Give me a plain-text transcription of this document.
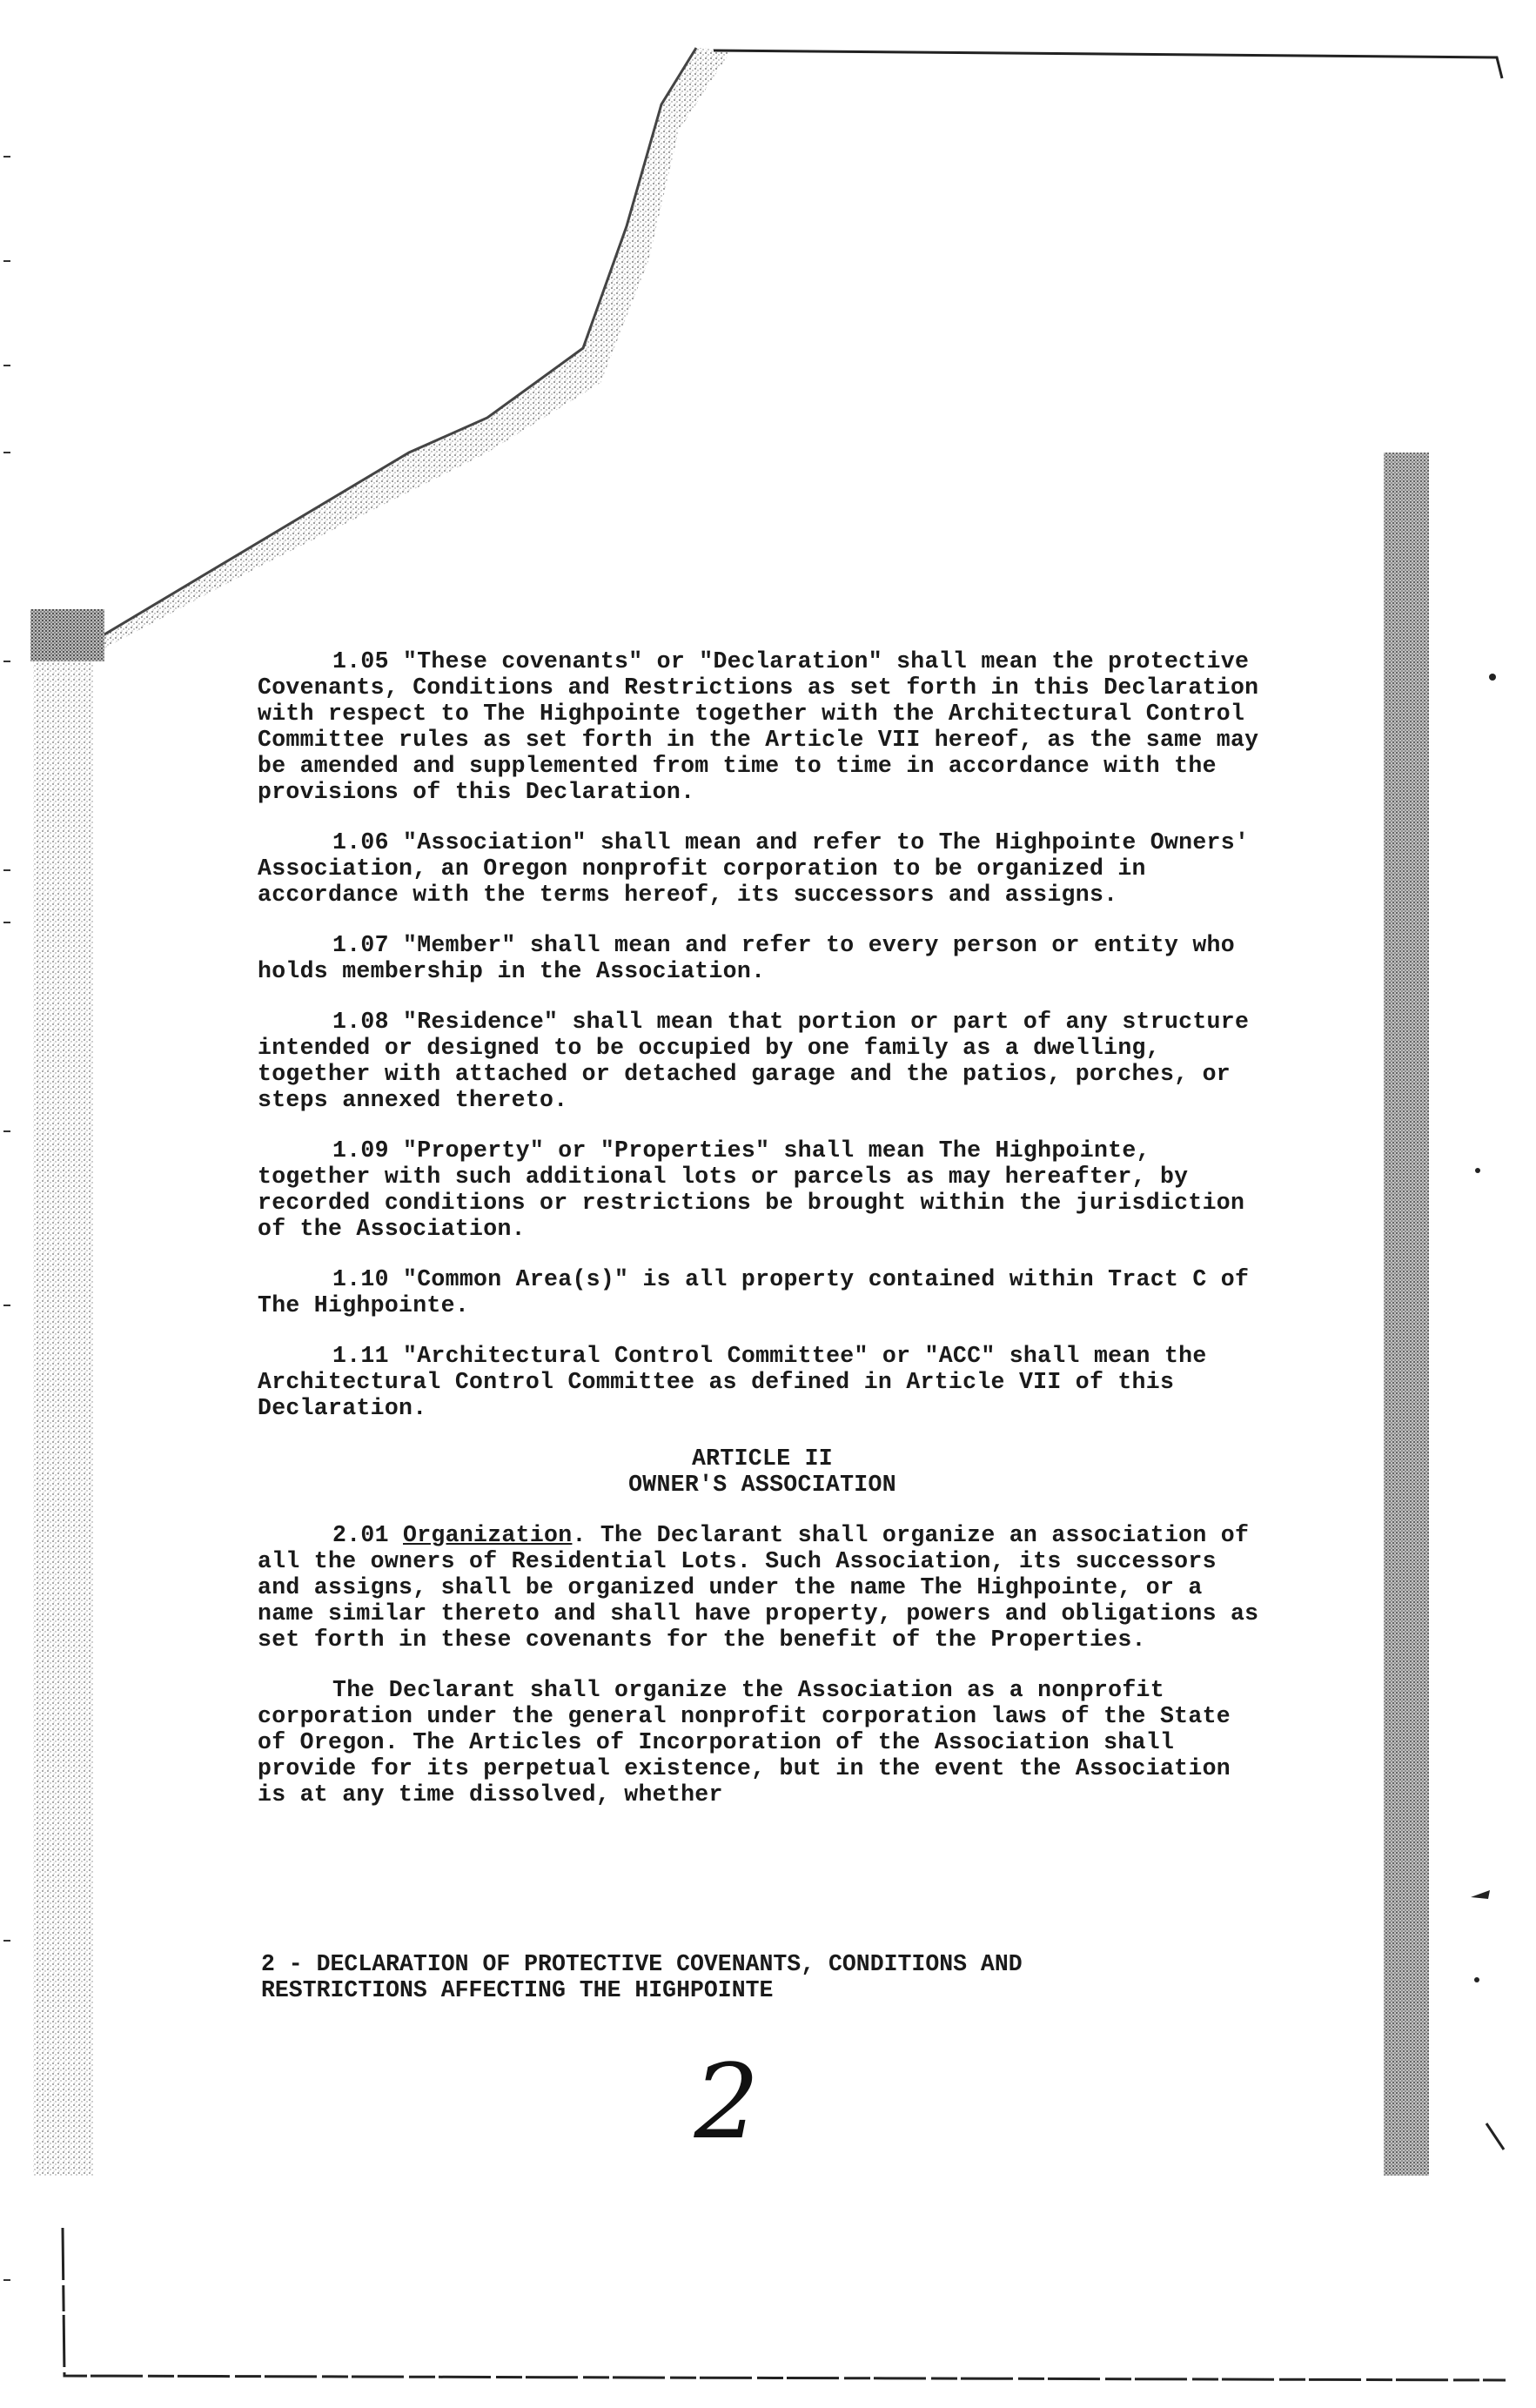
1.05 "These covenants" or "Declaration" shall mean the protective Covenants, Conditions and Restrictions as set forth in this Declaration with respect to The Highpointe together with the Architectural Control Committee rules as set forth in the Article VII hereof, as the same may be amended and supplemented from time to time in accordance with the provisions of this Declaration.

1.06 "Association" shall mean and refer to The Highpointe Owners' Association, an Oregon nonprofit corporation to be organized in accordance with the terms hereof, its successors and assigns.

1.07 "Member" shall mean and refer to every person or entity who holds membership in the Association.

1.08 "Residence" shall mean that portion or part of any structure intended or designed to be occupied by one family as a dwelling, together with attached or detached garage and the patios, porches, or steps annexed thereto.

1.09 "Property" or "Properties" shall mean The Highpointe, together with such additional lots or parcels as may hereafter, by recorded conditions or restrictions be brought within the jurisdiction of the Association.

1.10 "Common Area(s)" is all property contained within Tract C of The Highpointe.

1.11 "Architectural Control Committee" or "ACC" shall mean the Architectural Control Committee as defined in Article VII of this Declaration.

ARTICLE II

OWNER'S ASSOCIATION

2.01 Organization. The Declarant shall organize an association of all the owners of Residential Lots. Such Association, its successors and assigns, shall be organized under the name The Highpointe, or a name similar thereto and shall have property, powers and obligations as set forth in these covenants for the benefit of the Properties.

The Declarant shall organize the Association as a nonprofit corporation under the general nonprofit corporation laws of the State of Oregon. The Articles of Incorporation of the Association shall provide for its perpetual existence, but in the event the Association is at any time dissolved, whether

2 - DECLARATION OF PROTECTIVE COVENANTS, CONDITIONS AND

RESTRICTIONS AFFECTING THE HIGHPOINTE

2
